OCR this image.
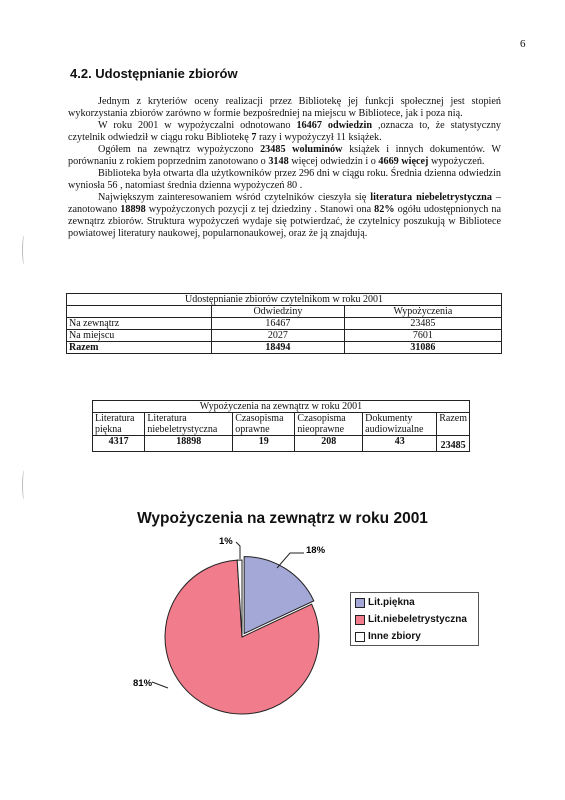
6
4.2. Udostępnianie zbiorów

Jednym z kryteriów oceny realizacji przez Bibliotekę jej funkcji społecznej jest stopień wykorzystania zbiorów zarówno w formie bezpośredniej na miejscu w Bibliotece, jak i poza nią.

W roku 2001 w wypożyczalni odnotowano 16467 odwiedzin ,oznacza to, że statystyczny czytelnik odwiedził w ciągu roku Bibliotekę 7 razy i wypożyczył 11 książek.

Ogółem na zewnątrz wypożyczono 23485 woluminów książek i innych dokumentów. W porównaniu z rokiem poprzednim zanotowano o 3148 więcej odwiedzin i o 4669 więcej wypożyczeń.

Biblioteka była otwarta dla użytkowników przez 296 dni w ciągu roku. Średnia dzienna odwiedzin wyniosła 56 , natomiast średnia dzienna wypożyczeń 80 .

Największym zainteresowaniem wśród czytelników cieszyła się literatura niebeletrystyczna – zanotowano 18898 wypożyczonych pozycji z tej dziedziny . Stanowi ona 82% ogółu udostępnionych na zewnątrz zbiorów. Struktura wypożyczeń wydaje się potwierdzać, że czytelnicy poszukują w Bibliotece powiatowej literatury naukowej, popularnonaukowej, oraz że ją znajdują.

Udostępnianie zbiorów czytelnikom w roku 2001		
	Odwiedziny	Wypożyczenia
Na zewnątrz	16467	23485
Na miejscu	2027	7601
Razem	18494	31086
Wypożyczenia na zewnątrz w roku 2001					
Literatura piękna	Literatura niebeletrystyczna	Czasopisma oprawne	Czasopisma nieoprawne	Dokumenty audiowizualne	Razem
4317	18898	19	208	43	23485
Wypożyczenia na zewnątrz w roku 2001
18%
81%
1%
Lit.piękna
Lit.niebeletrystyczna
Inne zbiory
